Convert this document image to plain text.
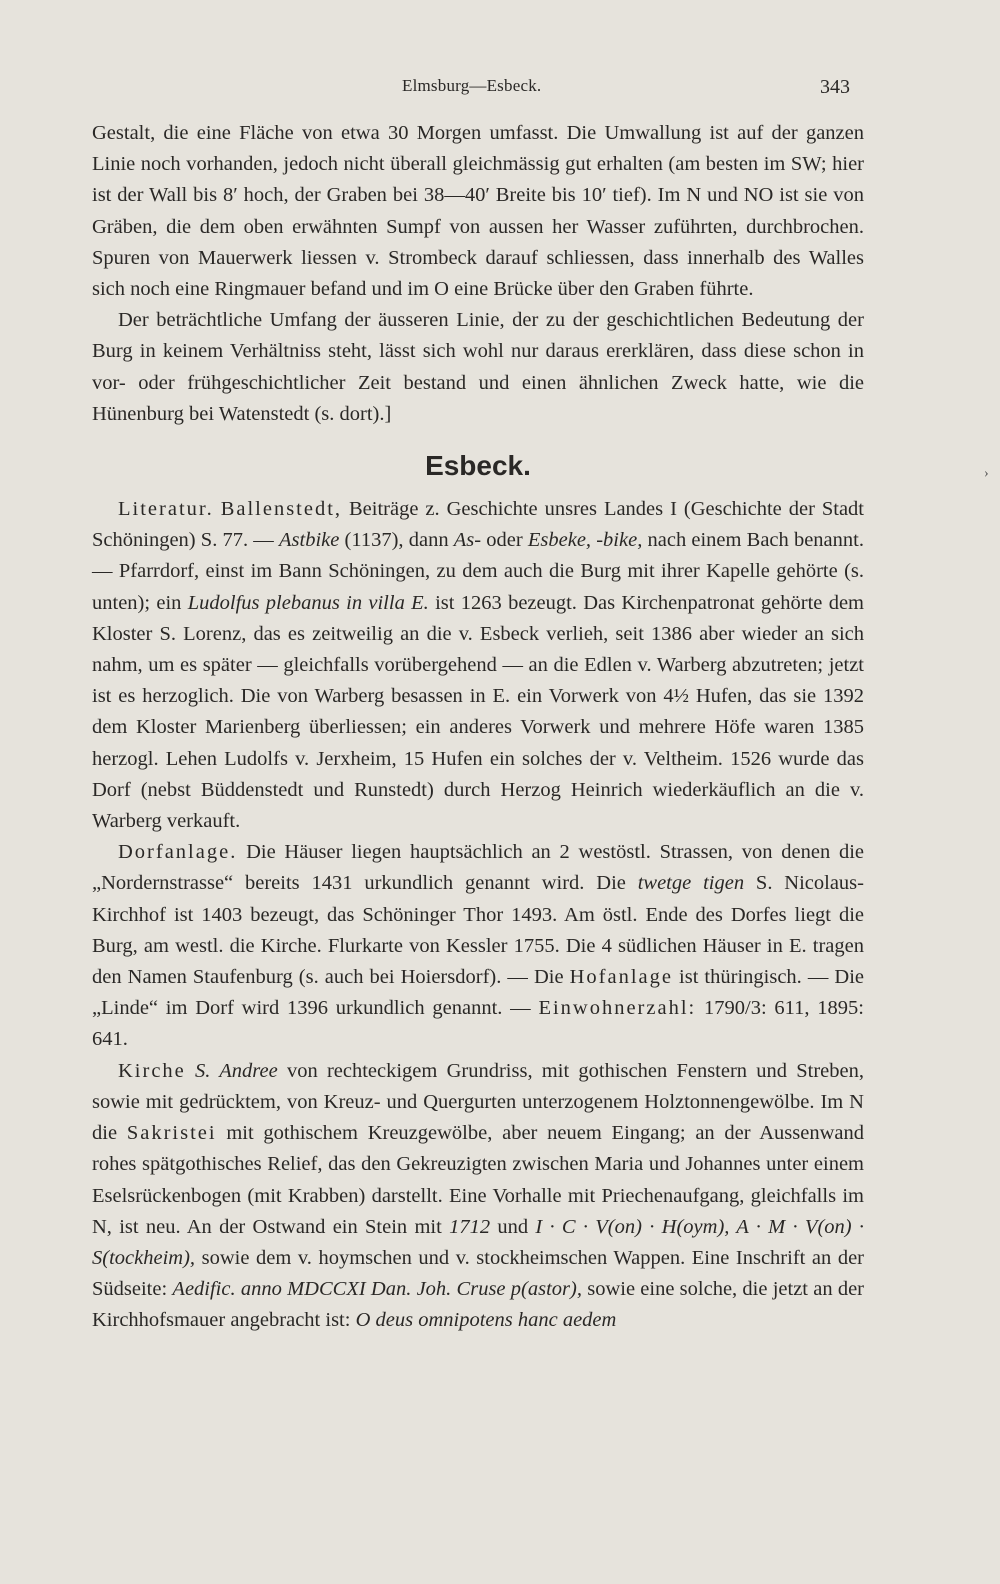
Elmsburg—Esbeck.	343
›

Gestalt, die eine Fläche von etwa 30 Morgen umfasst. Die Umwallung ist auf der ganzen Linie noch vorhanden, jedoch nicht überall gleichmässig gut erhalten (am besten im SW; hier ist der Wall bis 8′ hoch, der Graben bei 38—40′ Breite bis 10′ tief). Im N und NO ist sie von Gräben, die dem oben erwähnten Sumpf von aussen her Wasser zuführten, durchbrochen. Spuren von Mauerwerk liessen v. Strombeck darauf schliessen, dass innerhalb des Walles sich noch eine Ringmauer befand und im O eine Brücke über den Graben führte.

Der beträchtliche Umfang der äusseren Linie, der zu der geschichtlichen Bedeutung der Burg in keinem Verhältniss steht, lässt sich wohl nur daraus ererklären, dass diese schon in vor- oder frühgeschichtlicher Zeit bestand und einen ähnlichen Zweck hatte, wie die Hünenburg bei Watenstedt (s. dort).]

Esbeck.

Literatur. Ballenstedt, Beiträge z. Geschichte unsres Landes I (Geschichte der Stadt Schöningen) S. 77. — Astbike (1137), dann As- oder Esbeke, -bike, nach einem Bach benannt. — Pfarrdorf, einst im Bann Schöningen, zu dem auch die Burg mit ihrer Kapelle gehörte (s. unten); ein Ludolfus plebanus in villa E. ist 1263 bezeugt. Das Kirchenpatronat gehörte dem Kloster S. Lorenz, das es zeitweilig an die v. Esbeck verlieh, seit 1386 aber wieder an sich nahm, um es später — gleichfalls vorübergehend — an die Edlen v. Warberg abzutreten; jetzt ist es herzoglich. Die von Warberg besassen in E. ein Vorwerk von 4½ Hufen, das sie 1392 dem Kloster Marienberg überliessen; ein anderes Vorwerk und mehrere Höfe waren 1385 herzogl. Lehen Ludolfs v. Jerxheim, 15 Hufen ein solches der v. Veltheim. 1526 wurde das Dorf (nebst Büddenstedt und Runstedt) durch Herzog Heinrich wiederkäuflich an die v. Warberg verkauft.

Dorfanlage. Die Häuser liegen hauptsächlich an 2 westöstl. Strassen, von denen die „Nordernstrasse“ bereits 1431 urkundlich genannt wird. Die twetge tigen S. Nicolaus-Kirchhof ist 1403 bezeugt, das Schöninger Thor 1493. Am östl. Ende des Dorfes liegt die Burg, am westl. die Kirche. Flurkarte von Kessler 1755. Die 4 südlichen Häuser in E. tragen den Namen Staufenburg (s. auch bei Hoiersdorf). — Die Hofanlage ist thüringisch. — Die „Linde“ im Dorf wird 1396 urkundlich genannt. — Einwohnerzahl: 1790/3: 611, 1895: 641.

Kirche S. Andree von rechteckigem Grundriss, mit gothischen Fenstern und Streben, sowie mit gedrücktem, von Kreuz- und Quergurten unterzogenem Holztonnengewölbe. Im N die Sakristei mit gothischem Kreuzgewölbe, aber neuem Eingang; an der Aussenwand rohes spätgothisches Relief, das den Gekreuzigten zwischen Maria und Johannes unter einem Eselsrückenbogen (mit Krabben) darstellt. Eine Vorhalle mit Priechenaufgang, gleichfalls im N, ist neu. An der Ostwand ein Stein mit 1712 und I · C · V(on) · H(oym), A · M · V(on) · S(tockheim), sowie dem v. hoymschen und v. stockheimschen Wappen. Eine Inschrift an der Südseite: Aedific. anno MDCCXI Dan. Joh. Cruse p(astor), sowie eine solche, die jetzt an der Kirchhofsmauer angebracht ist: O deus omnipotens hanc aedem
